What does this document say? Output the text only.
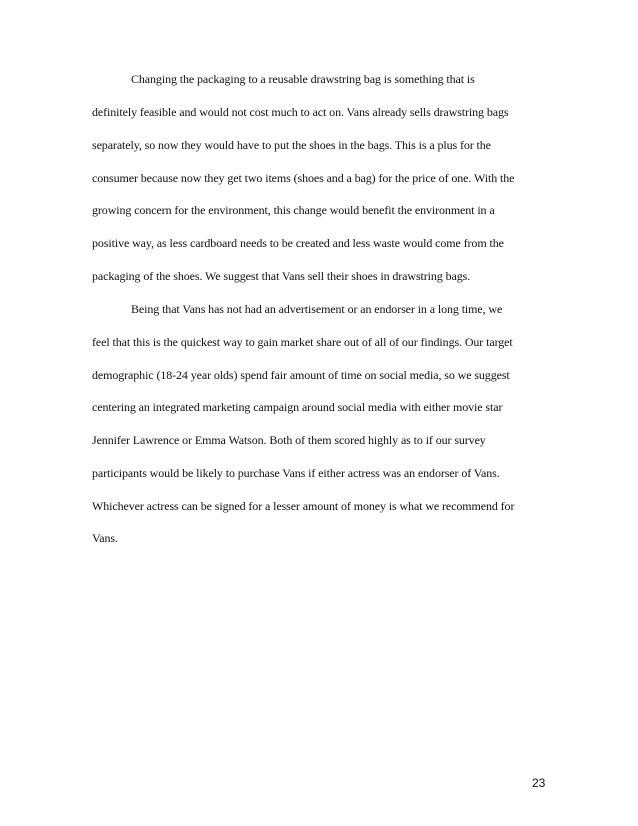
Changing the packaging to a reusable drawstring bag is something that is
definitely feasible and would not cost much to act on. Vans already sells drawstring bags
separately, so now they would have to put the shoes in the bags. This is a plus for the
consumer because now they get two items (shoes and a bag) for the price of one. With the
growing concern for the environment, this change would benefit the environment in a
positive way, as less cardboard needs to be created and less waste would come from the
packaging of the shoes. We suggest that Vans sell their shoes in drawstring bags.
Being that Vans has not had an advertisement or an endorser in a long time, we
feel that this is the quickest way to gain market share out of all of our findings. Our target
demographic (18-24 year olds) spend fair amount of time on social media, so we suggest
centering an integrated marketing campaign around social media with either movie star
Jennifer Lawrence or Emma Watson. Both of them scored highly as to if our survey
participants would be likely to purchase Vans if either actress was an endorser of Vans.
Whichever actress can be signed for a lesser amount of money is what we recommend for
Vans.
23
